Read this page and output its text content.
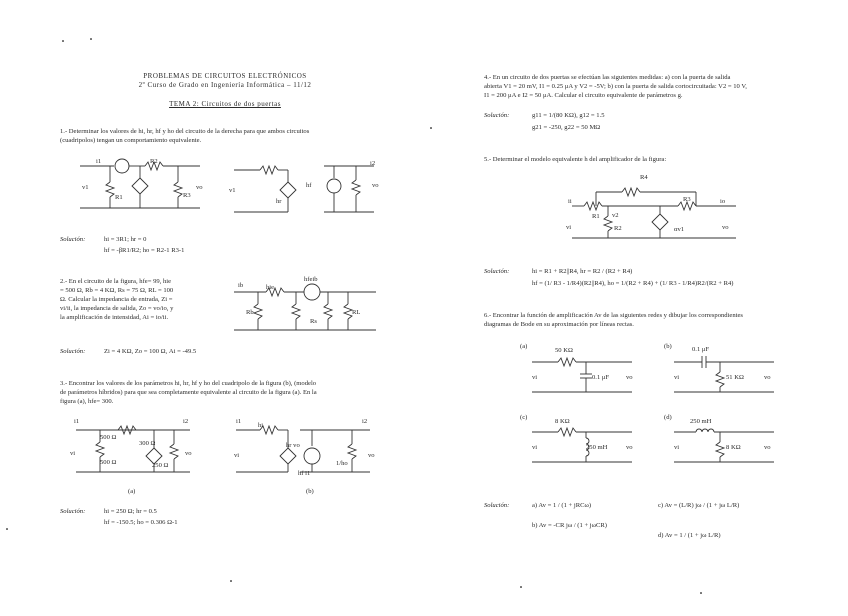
PROBLEMAS DE CIRCUITOS ELECTRÓNICOS
2º Curso de Grado en Ingeniería Informática – 11/12
TEMA 2: Circuitos de dos puertas
1.- Determinar los valores de hi, hr, hf y ho del circuito de la derecha para que ambos circuitos
(cuadripolos) tengan un comportamiento equivalente.
i1	R2
R1	R3
v1	vo	v1
vo
hf
hr
i2
Solución:	hi = 3R1; hr = 0
hf = -βR1/R2; ho = R2-1 R3-1
2.- En el circuito de la figura, hfe= 99, hie
= 500 Ω, Rb = 4 KΩ, Rs = 75 Ω, RL = 100
Ω. Calcular la impedancia de entrada, Zi =
vi/ii, la impedancia de salida, Zo = vo/io, y
la amplificación de intensidad, Ai = io/ii.
ib
Rb
hie
hfeib
Rs
RL
Solución:	Zi = 4 KΩ, Zo = 100 Ω, Ai = -49.5
3.- Encontrar los valores de los parámetros hi, hr, hf y ho del cuadripolo de la figura (b), (modelo
de parámetros híbridos) para que sea completamente equivalente al circuito de la figura (a). En la
figura (a), hfe= 300.
i1	i2
500 Ω
300 Ω
vi
500 Ω	250 Ω
vo
(a)
i1
hi
i2
hr vo
hf i1
1/ho
vi	vo
(b)
Solución:	hi = 250 Ω; hr = 0.5
hf = -150.5; ho = 0.306 Ω-1
4.- En un circuito de dos puertas se efectúan las siguientes medidas: a) con la puerta de salida
abierta V1 = 20 mV, I1 = 0.25 μA y V2 = -5V; b) con la puerta de salida cortocircuitada: V2 = 10 V,
I1 = 200 μA e I2 = 50 μA. Calcular el circuito equivalente de parámetros g.
Solución:	g11 = 1/(80 KΩ), g12 = 1.5
g21 = -250, g22 = 50 MΩ
5.- Determinar el modelo equivalente h del amplificador de la figura:
R4
R3
R1
R2
io
ii
vi
v2
vo
αv1
Solución:	hi = R1 + R2||R4, hr = R2 / (R2 + R4)
hf = (1/ R3 - 1/R4)(R2||R4), ho = 1/(R2 + R4) + (1/ R3 - 1/R4)R2/(R2 + R4)
6.- Encontrar la función de amplificación Av de las siguientes redes y dibujar los correspondientes
diagramas de Bode en su aproximación por líneas rectas.
(a)
50 KΩ
0.1 μF
vi	vo
(b)	0.1 μF
51 KΩ
vi	vo
(c)
8 KΩ
250 mH
vi	vo
(d)
250 mH
8 KΩ
vi	vo
Solución:	a) Av = 1 / (1 + jRCω)
b) Av = -CR jω / (1 + jωCR)
c) Av = (L/R) jω / (1 + jω L/R)
d) Av = 1 / (1 + jω L/R)
